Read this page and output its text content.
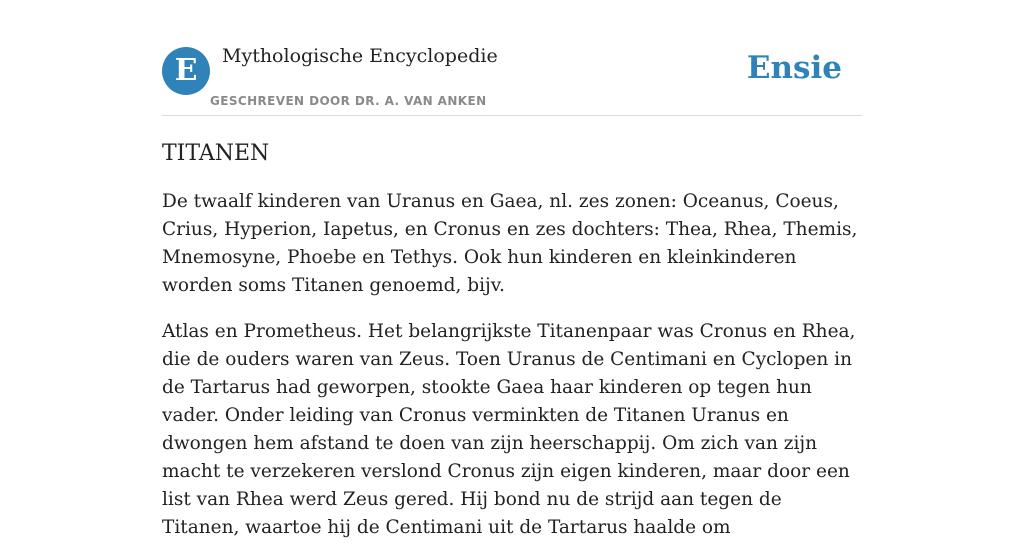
E	Mythologische Encyclopedie
GESCHREVEN DOOR DR. A. VAN ANKEN
Ensie
TITANEN

De twaalf kinderen van Uranus en Gaea, nl. zes zonen: Oceanus, Coeus, Crius, Hyperion, Iapetus, en Cronus en zes dochters: Thea, Rhea, Themis, Mnemosyne, Phoebe en Tethys. Ook hun kinderen en kleinkinderen worden soms Titanen genoemd, bijv.

Atlas en Prometheus. Het belangrijkste Titanenpaar was Cronus en Rhea, die de ouders waren van Zeus. Toen Uranus de Centimani en Cyclopen in de Tartarus had geworpen, stookte Gaea haar kinderen op tegen hun vader. Onder leiding van Cronus verminkten de Titanen Uranus en dwongen hem afstand te doen van zijn heerschappij. Om zich van zijn macht te verzekeren verslond Cronus zijn eigen kinderen, maar door een list van Rhea werd Zeus gered. Hij bond nu de strijd aan tegen de Titanen, waartoe hij de Centimani uit de Tartarus haalde om
